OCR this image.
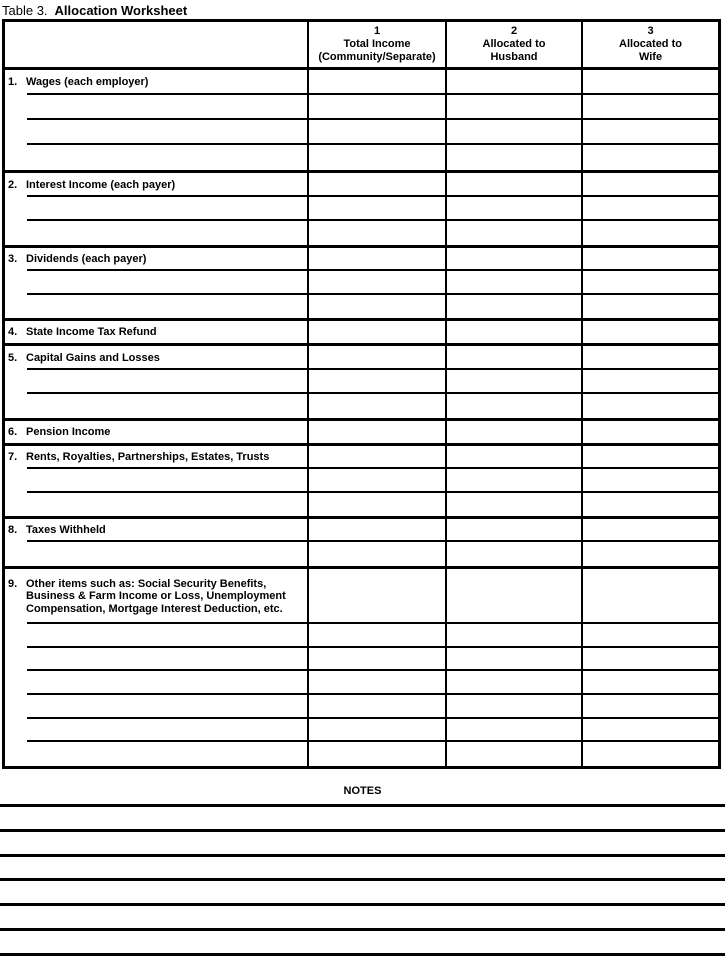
Table 3. Allocation Worksheet
1
Total Income
(Community/Separate)
2
Allocated to
Husband
3
Allocated to
Wife
1. Wages (each employer)
2. Interest Income (each payer)
3. Dividends (each payer)
4. State Income Tax Refund
5. Capital Gains and Losses
6. Pension Income
7. Rents, Royalties, Partnerships, Estates, Trusts
8. Taxes Withheld
9. Other items such as: Social Security Benefits, Business & Farm Income or Loss, Unemployment Compensation, Mortgage Interest Deduction, etc.
NOTES
